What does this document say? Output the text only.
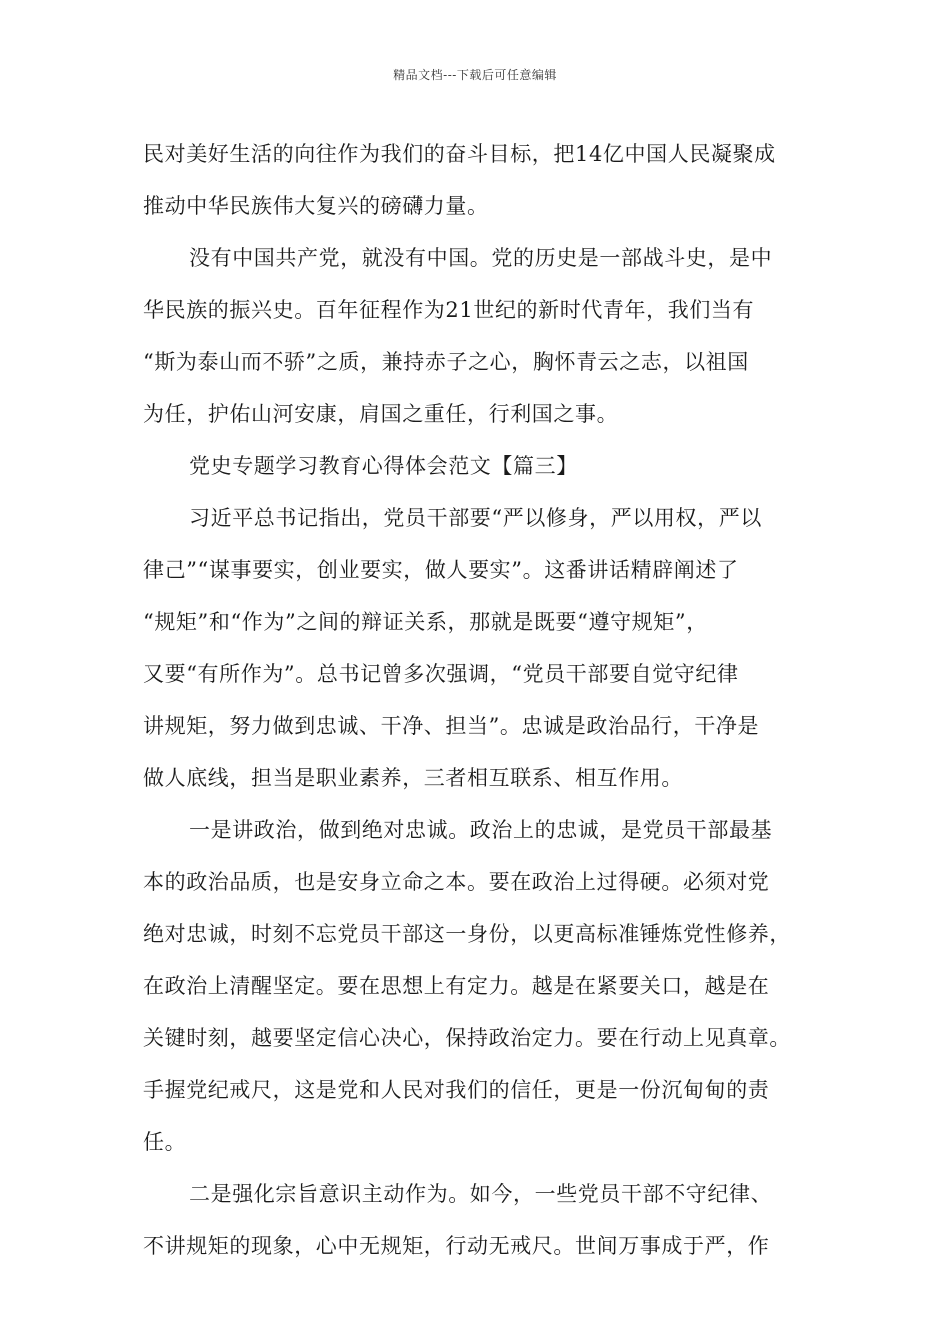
精品文档---下载后可任意编辑
民对美好生活的向往作为我们的奋斗目标，把14亿中国人民凝聚成
推动中华民族伟大复兴的磅礴力量。
没有中国共产党，就没有中国。党的历史是一部战斗史，是中
华民族的振兴史。百年征程作为21世纪的新时代青年，我们当有
“斯为泰山而不骄”之质，兼持赤子之心，胸怀青云之志，以祖国
为任，护佑山河安康，肩国之重任，行利国之事。
党史专题学习教育心得体会范文【篇三】
习近平总书记指出，党员干部要“严以修身，严以用权，严以
律己”“谋事要实，创业要实，做人要实”。这番讲话精辟阐述了
“规矩”和“作为”之间的辩证关系，那就是既要“遵守规矩”，
又要“有所作为”。总书记曾多次强调，“党员干部要自觉守纪律
讲规矩，努力做到忠诚、干净、担当”。忠诚是政治品行，干净是
做人底线，担当是职业素养，三者相互联系、相互作用。
一是讲政治，做到绝对忠诚。政治上的忠诚，是党员干部最基
本的政治品质，也是安身立命之本。要在政治上过得硬。必须对党
绝对忠诚，时刻不忘党员干部这一身份，以更高标准锤炼党性修养，
在政治上清醒坚定。要在思想上有定力。越是在紧要关口，越是在
关键时刻，越要坚定信心决心，保持政治定力。要在行动上见真章。
手握党纪戒尺，这是党和人民对我们的信任，更是一份沉甸甸的责
任。
二是强化宗旨意识主动作为。如今，一些党员干部不守纪律、
不讲规矩的现象，心中无规矩，行动无戒尺。世间万事成于严，作
